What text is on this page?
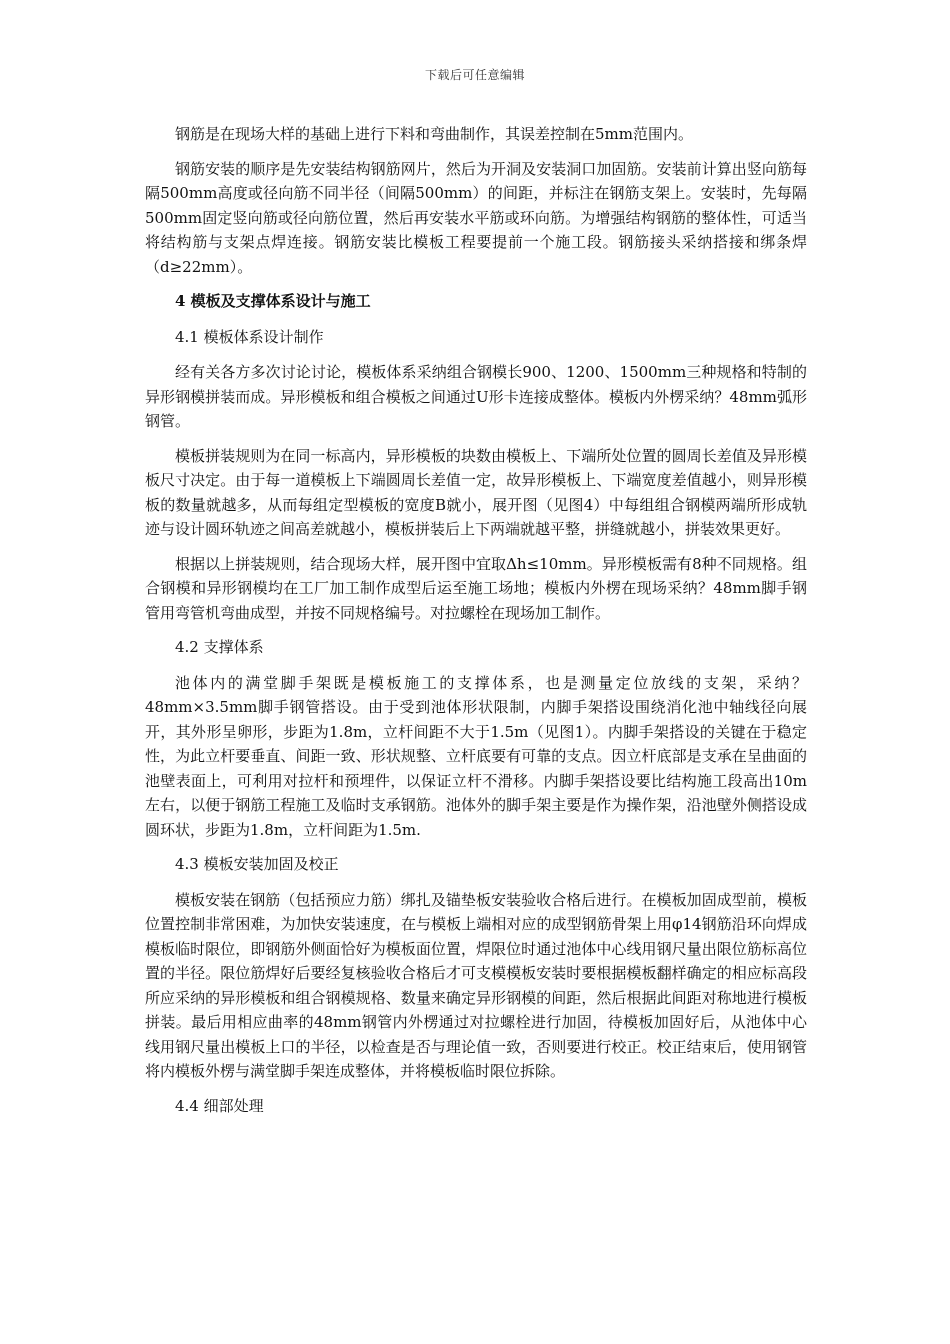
下载后可任意编辑

钢筋是在现场大样的基础上进行下料和弯曲制作，其误差控制在5mm范围内。

钢筋安装的顺序是先安装结构钢筋网片，然后为开洞及安装洞口加固筋。安装前计算出竖向筋每隔500mm高度或径向筋不同半径（间隔500mm）的间距，并标注在钢筋支架上。安装时，先每隔500mm固定竖向筋或径向筋位置，然后再安装水平筋或环向筋。为增强结构钢筋的整体性，可适当将结构筋与支架点焊连接。钢筋安装比模板工程要提前一个施工段。钢筋接头采纳搭接和绑条焊（d≥22mm）。

4 模板及支撑体系设计与施工

4.1 模板体系设计制作

经有关各方多次讨论讨论，模板体系采纳组合钢模长900、1200、1500mm三种规格和特制的异形钢模拼装而成。异形模板和组合模板之间通过U形卡连接成整体。模板内外楞采纳？48mm弧形钢管。

模板拼装规则为在同一标高内，异形模板的块数由模板上、下端所处位置的圆周长差值及异形模板尺寸决定。由于每一道模板上下端圆周长差值一定，故异形模板上、下端宽度差值越小，则异形模板的数量就越多，从而每组定型模板的宽度B就小，展开图（见图4）中每组组合钢模两端所形成轨迹与设计圆环轨迹之间高差就越小，模板拼装后上下两端就越平整，拼缝就越小，拼装效果更好。

根据以上拼装规则，结合现场大样，展开图中宜取Δh≤10mm。异形模板需有8种不同规格。组合钢模和异形钢模均在工厂加工制作成型后运至施工场地；模板内外楞在现场采纳？48mm脚手钢管用弯管机弯曲成型，并按不同规格编号。对拉螺栓在现场加工制作。

4.2 支撑体系

池体内的满堂脚手架既是模板施工的支撑体系，也是测量定位放线的支架，采纳？48mm×3.5mm脚手钢管搭设。由于受到池体形状限制，内脚手架搭设围绕消化池中轴线径向展开，其外形呈卵形，步距为1.8m，立杆间距不大于1.5m（见图1）。内脚手架搭设的关键在于稳定性，为此立杆要垂直、间距一致、形状规整、立杆底要有可靠的支点。因立杆底部是支承在呈曲面的池壁表面上，可利用对拉杆和预埋件，以保证立杆不滑移。内脚手架搭设要比结构施工段高出10m左右，以便于钢筋工程施工及临时支承钢筋。池体外的脚手架主要是作为操作架，沿池壁外侧搭设成圆环状，步距为1.8m，立杆间距为1.5m.

4.3 模板安装加固及校正

模板安装在钢筋（包括预应力筋）绑扎及锚垫板安装验收合格后进行。在模板加固成型前，模板位置控制非常困难，为加快安装速度，在与模板上端相对应的成型钢筋骨架上用φ14钢筋沿环向焊成模板临时限位，即钢筋外侧面恰好为模板面位置，焊限位时通过池体中心线用钢尺量出限位筋标高位置的半径。限位筋焊好后要经复核验收合格后才可支模模板安装时要根据模板翻样确定的相应标高段所应采纳的异形模板和组合钢模规格、数量来确定异形钢模的间距，然后根据此间距对称地进行模板拼装。最后用相应曲率的48mm钢管内外楞通过对拉螺栓进行加固，待模板加固好后，从池体中心线用钢尺量出模板上口的半径，以检查是否与理论值一致，否则要进行校正。校正结束后，使用钢管将内模板外楞与满堂脚手架连成整体，并将模板临时限位拆除。

4.4 细部处理
